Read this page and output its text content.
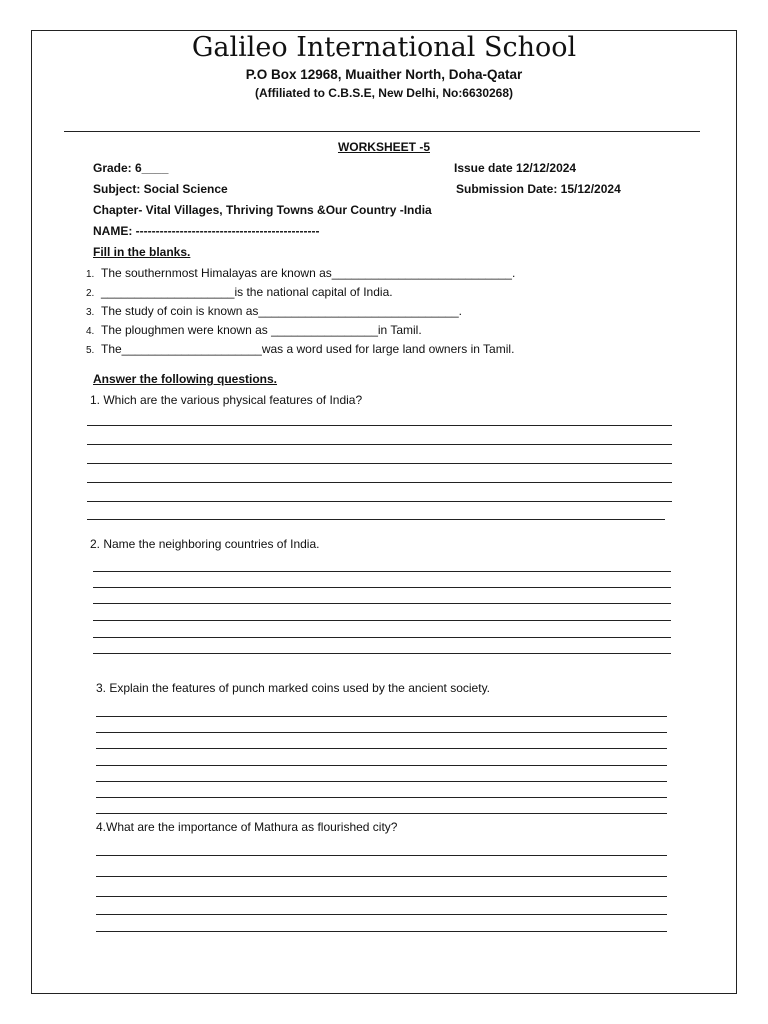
Galileo International School
P.O Box 12968, Muaither North, Doha-Qatar
(Affiliated to C.B.S.E, New Delhi, No:6630268)
WORKSHEET -5
Grade: 6____	Issue date 12/12/2024
Subject: Social Science	Submission Date: 15/12/2024
Chapter- Vital Villages, Thriving Towns &Our Country -India
NAME: ----------------------------------------------
Fill in the blanks.
1. The southernmost Himalayas are known as___________________________.
2. ____________________is the national capital of India.
3. The study of coin is known as______________________________.
4. The ploughmen were known as ________________in Tamil.
5. The_____________________was a word used for large land owners in Tamil.
Answer the following questions.
1. Which are the various physical features of India?
2. Name the neighboring countries of India.
3. Explain the features of punch marked coins used by the ancient society.
4.What are the importance of Mathura as flourished city?
